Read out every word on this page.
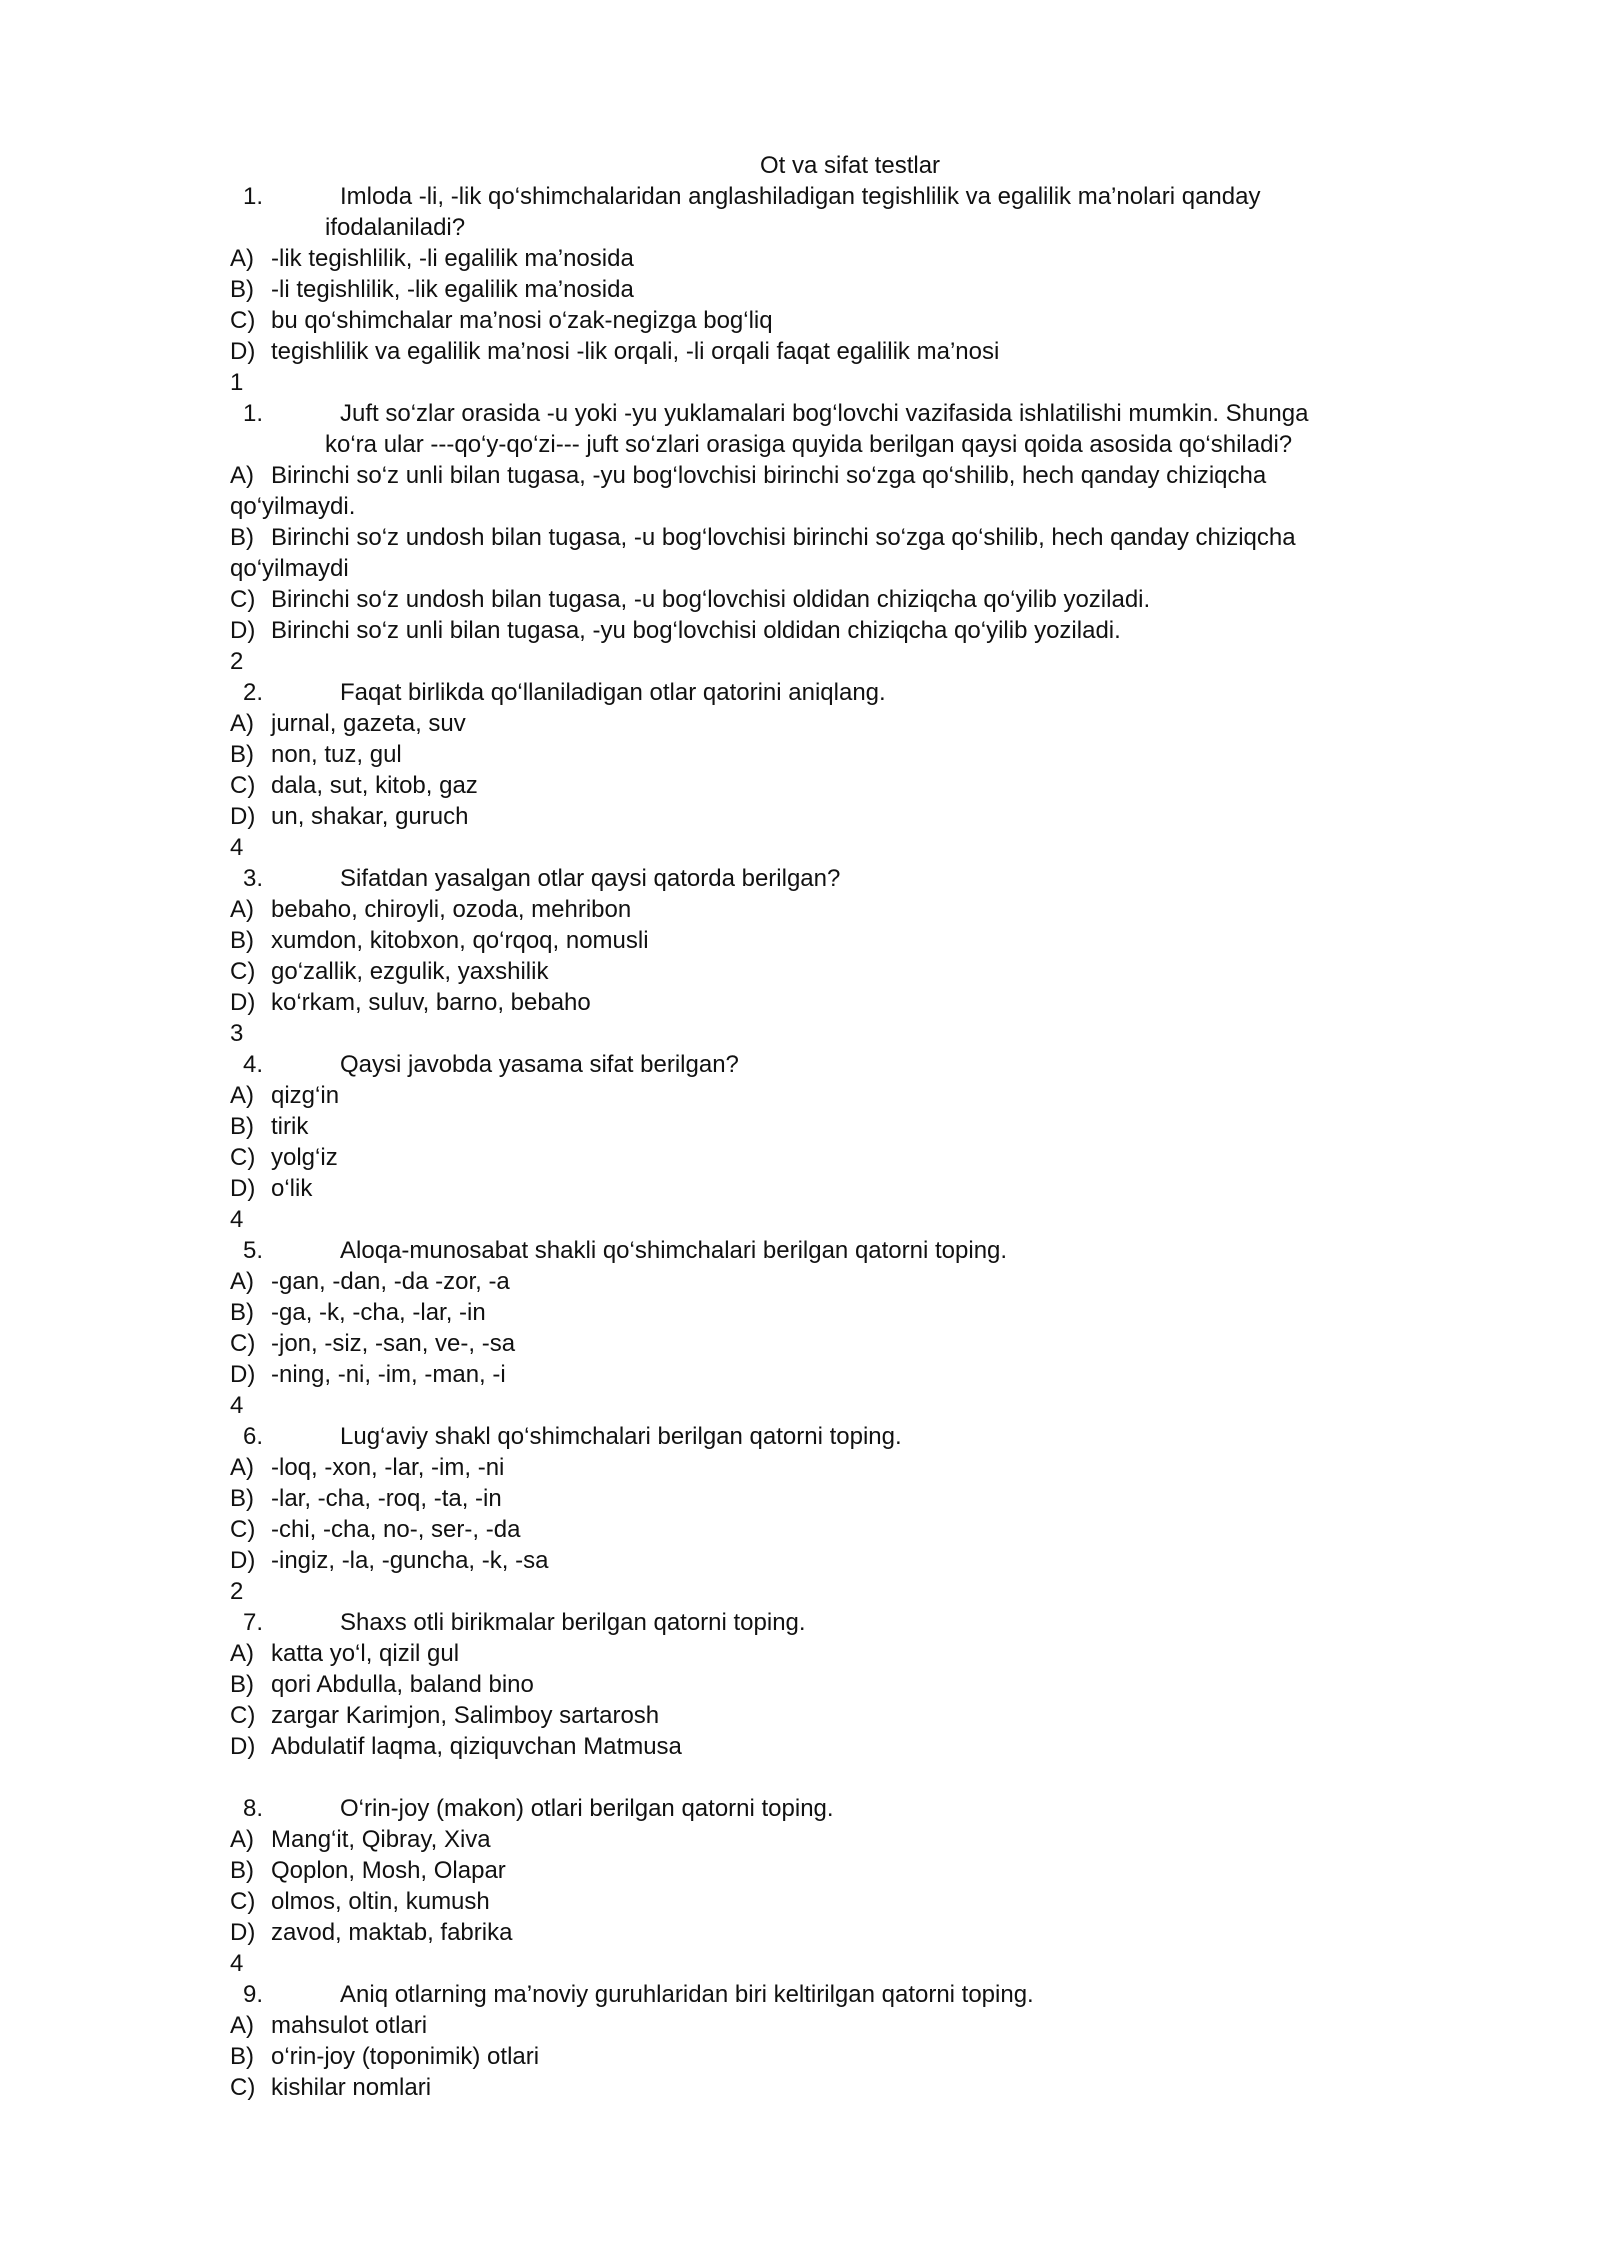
Ot va sifat testlar
1.	Imloda -li, -lik qo‘shimchalaridan anglashiladigan tegishlilik va egalilik ma’nolari qanday
ifodalaniladi?
A) -lik tegishlilik, -li egalilik ma’nosida
B) -li tegishlilik, -lik egalilik ma’nosida
C) bu qo‘shimchalar ma’nosi o‘zak-negizga bog‘liq
D) tegishlilik va egalilik ma’nosi -lik orqali, -li orqali faqat egalilik ma’nosi
1
1.	Juft so‘zlar orasida -u yoki -yu yuklamalari bog‘lovchi vazifasida ishlatilishi mumkin. Shunga
ko‘ra ular ---qo‘y-qo‘zi--- juft so‘zlari orasiga quyida berilgan qaysi qoida asosida qo‘shiladi?
A) Birinchi so‘z unli bilan tugasa, -yu bog‘lovchisi birinchi so‘zga qo‘shilib, hech qanday chiziqcha
qo‘yilmaydi.
B) Birinchi so‘z undosh bilan tugasa, -u bog‘lovchisi birinchi so‘zga qo‘shilib, hech qanday chiziqcha
qo‘yilmaydi
C) Birinchi so‘z undosh bilan tugasa, -u bog‘lovchisi oldidan chiziqcha qo‘yilib yoziladi.
D) Birinchi so‘z unli bilan tugasa, -yu bog‘lovchisi oldidan chiziqcha qo‘yilib yoziladi.
2
2.	Faqat birlikda qo‘llaniladigan otlar qatorini aniqlang.
A) jurnal, gazeta, suv
B) non, tuz, gul
C) dala, sut, kitob, gaz
D) un, shakar, guruch
4
3.	Sifatdan yasalgan otlar qaysi qatorda berilgan?
A) bebaho, chiroyli, ozoda, mehribon
B) xumdon, kitobxon, qo‘rqoq, nomusli
C) go‘zallik, ezgulik, yaxshilik
D) ko‘rkam, suluv, barno, bebaho
3
4.	Qaysi javobda yasama sifat berilgan?
A) qizg‘in
B) tirik
C) yolg‘iz
D) o‘lik
4
5.	Aloqa-munosabat shakli qo‘shimchalari berilgan qatorni toping.
A) -gan, -dan, -da -zor, -a
B) -ga, -k, -cha, -lar, -in
C) -jon, -siz, -san, ve-, -sa
D) -ning, -ni, -im, -man, -i
4
6.	Lug‘aviy shakl qo‘shimchalari berilgan qatorni toping.
A) -loq, -xon, -lar, -im, -ni
B) -lar, -cha, -roq, -ta, -in
C) -chi, -cha, no-, ser-, -da
D) -ingiz, -la, -guncha, -k, -sa
2
7.	Shaxs otli birikmalar berilgan qatorni toping.
A) katta yo‘l, qizil gul
B) qori Abdulla, baland bino
C) zargar Karimjon, Salimboy sartarosh
D) Abdulatif laqma, qiziquvchan Matmusa
8.	O‘rin-joy (makon) otlari berilgan qatorni toping.
A) Mang‘it, Qibray, Xiva
B) Qoplon, Mosh, Olapar
C) olmos, oltin, kumush
D) zavod, maktab, fabrika
4
9.	Aniq otlarning ma’noviy guruhlaridan biri keltirilgan qatorni toping.
A) mahsulot otlari
B) o‘rin-joy (toponimik) otlari
C) kishilar nomlari
